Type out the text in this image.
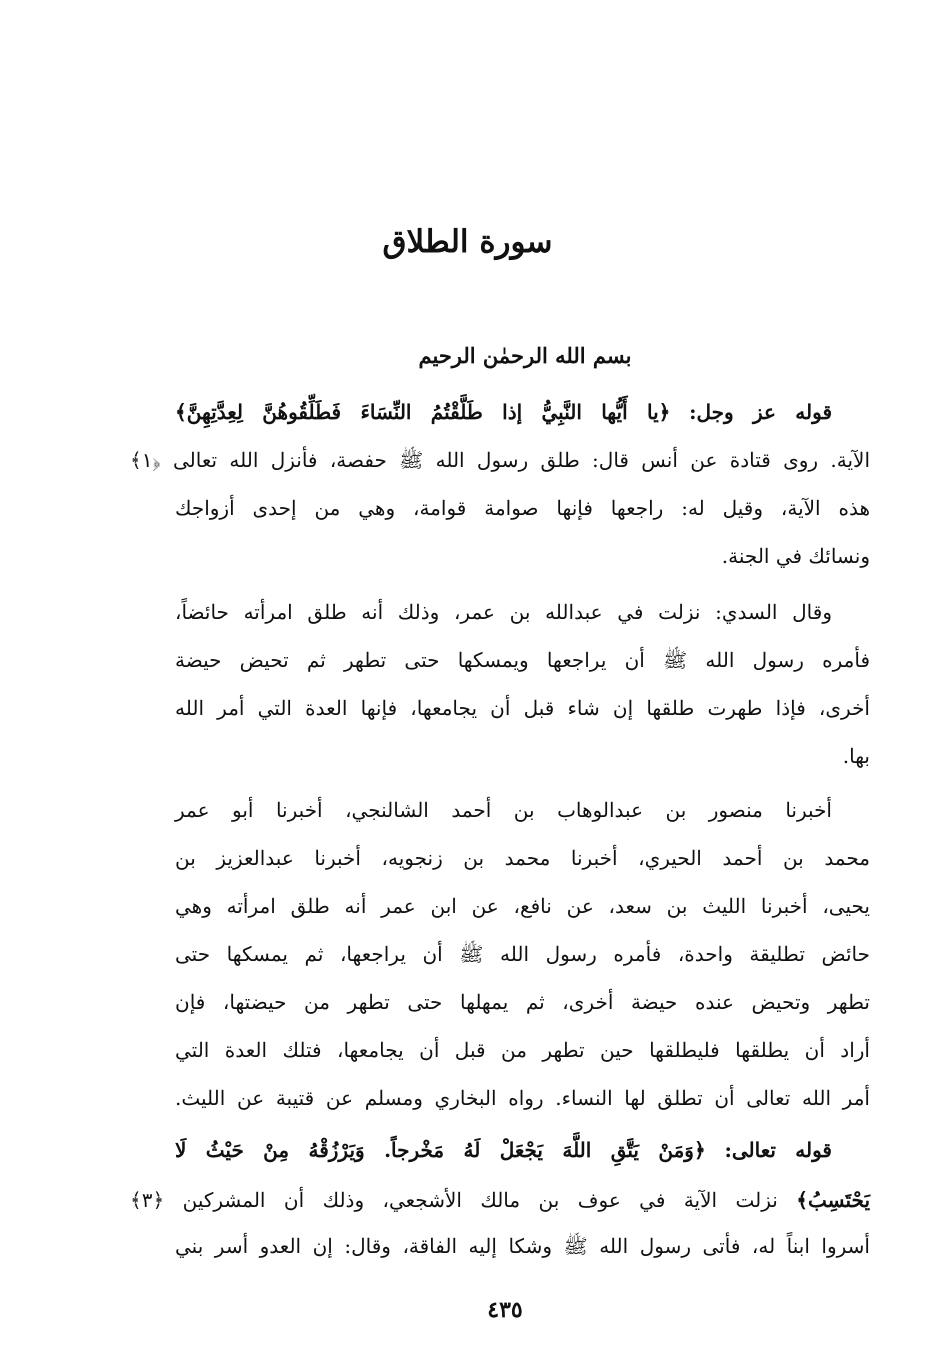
سورة الطلاق
بسم الله الرحمٰن الرحيم
قوله عز وجل: ﴿يا أَيُّها النَّبِيُّ إذا طَلَّقْتُمُ النِّسَاءَ فَطَلِّقُوهُنَّ لِعِدَّتِهِنَّ﴾
الآية. روى قتادة عن أنس قال: طلق رسول الله ﷺ حفصة، فأنزل الله تعالى ﴿١﴾
هذه الآية، وقيل له: راجعها فإنها صوامة قوامة، وهي من إحدى أزواجك
ونسائك في الجنة.
وقال السدي: نزلت في عبدالله بن عمر، وذلك أنه طلق امرأته حائضاً،
فأمره رسول الله ﷺ أن يراجعها ويمسكها حتى تطهر ثم تحيض حيضة
أخرى، فإذا طهرت طلقها إن شاء قبل أن يجامعها، فإنها العدة التي أمر الله
بها.
أخبرنا منصور بن عبدالوهاب بن أحمد الشالنجي، أخبرنا أبو عمر
محمد بن أحمد الحيري، أخبرنا محمد بن زنجويه، أخبرنا عبدالعزيز بن
يحيى، أخبرنا الليث بن سعد، عن نافع، عن ابن عمر أنه طلق امرأته وهي
حائض تطليقة واحدة، فأمره رسول الله ﷺ أن يراجعها، ثم يمسكها حتى
تطهر وتحيض عنده حيضة أخرى، ثم يمهلها حتى تطهر من حيضتها، فإن
أراد أن يطلقها فليطلقها حين تطهر من قبل أن يجامعها، فتلك العدة التي
أمر الله تعالى أن تطلق لها النساء. رواه البخاري ومسلم عن قتيبة عن الليث.
قوله تعالى: ﴿وَمَنْ يَتَّقِ اللَّهَ يَجْعَلْ لَهُ مَخْرجاً. وَيَرْزُقْهُ مِنْ حَيْثُ لَا
يَحْتَسِبُ﴾ نزلت الآية في عوف بن مالك الأشجعي، وذلك أن المشركين ﴿٣﴾
أسروا ابناً له، فأتى رسول الله ﷺ وشكا إليه الفاقة، وقال: إن العدو أسر بني
٤٣٥
